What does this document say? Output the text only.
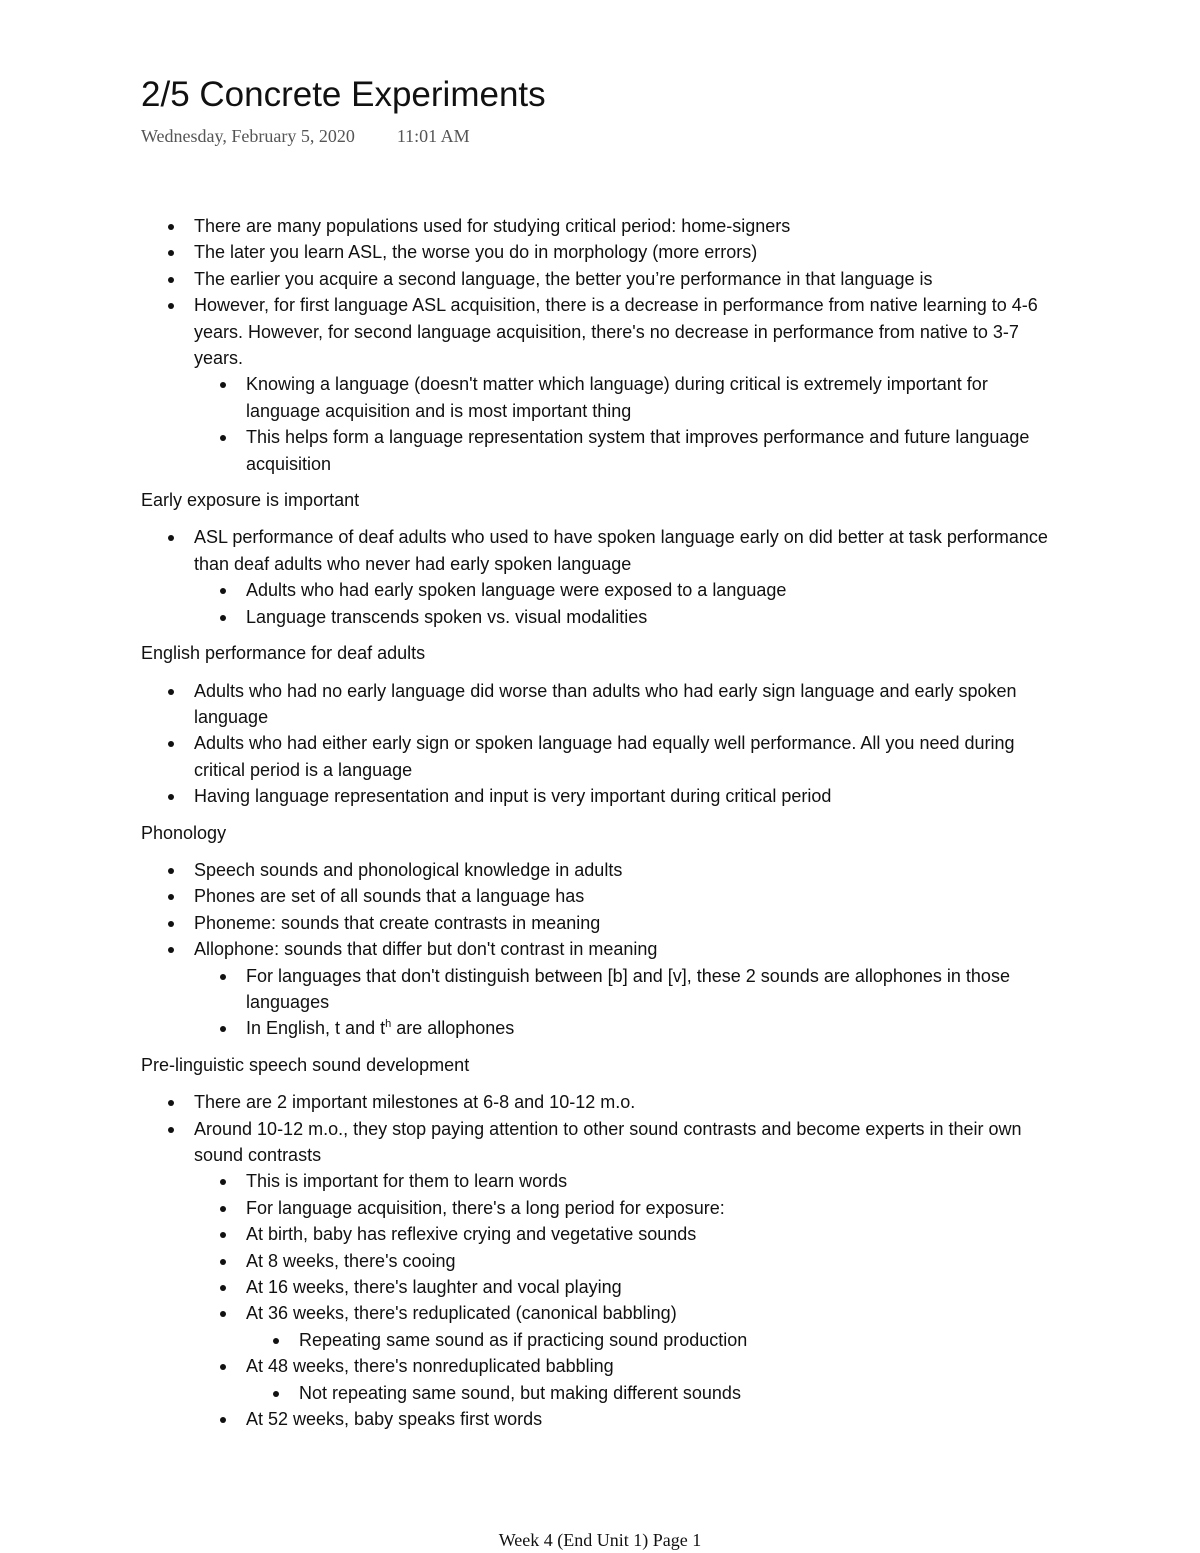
2/5 Concrete Experiments
Wednesday, February 5, 2020 11:01 AM
There are many populations used for studying critical period: home-signers
The later you learn ASL, the worse you do in morphology (more errors)
The earlier you acquire a second language, the better you’re performance in that language is
However, for first language ASL acquisition, there is a decrease in performance from native learning to 4-6 years. However, for second language acquisition, there's no decrease in performance from native to 3-7 years.
Knowing a language (doesn't matter which language) during critical is extremely important for language acquisition and is most important thing
This helps form a language representation system that improves performance and future language acquisition
Early exposure is important
ASL performance of deaf adults who used to have spoken language early on did better at task performance than deaf adults who never had early spoken language
Adults who had early spoken language were exposed to a language
Language transcends spoken vs. visual modalities
English performance for deaf adults
Adults who had no early language did worse than adults who had early sign language and early spoken language
Adults who had either early sign or spoken language had equally well performance. All you need during critical period is a language
Having language representation and input is very important during critical period
Phonology
Speech sounds and phonological knowledge in adults
Phones are set of all sounds that a language has
Phoneme: sounds that create contrasts in meaning
Allophone: sounds that differ but don't contrast in meaning
For languages that don't distinguish between [b] and [v], these 2 sounds are allophones in those languages
In English, t and $t^h$ are allophones
Pre-linguistic speech sound development
There are 2 important milestones at 6-8 and 10-12 m.o.
Around 10-12 m.o., they stop paying attention to other sound contrasts and become experts in their own sound contrasts
This is important for them to learn words
For language acquisition, there's a long period for exposure:
At birth, baby has reflexive crying and vegetative sounds
At 8 weeks, there's cooing
At 16 weeks, there's laughter and vocal playing
At 36 weeks, there's reduplicated (canonical babbling)
Repeating same sound as if practicing sound production
At 48 weeks, there's nonreduplicated babbling
Not repeating same sound, but making different sounds
At 52 weeks, baby speaks first words
Week 4 (End Unit 1) Page 1
